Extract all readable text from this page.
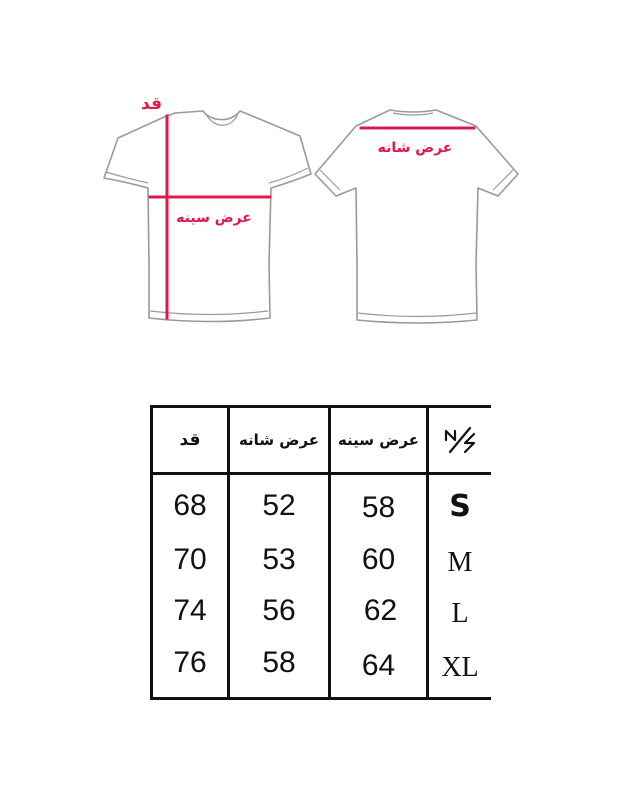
قد
عرض سینه
عرض شانه
قد	عرض شانه	عرض سینه
68	52	58	S
70	53	60	M
74	56	62	L
76	58	64	XL
